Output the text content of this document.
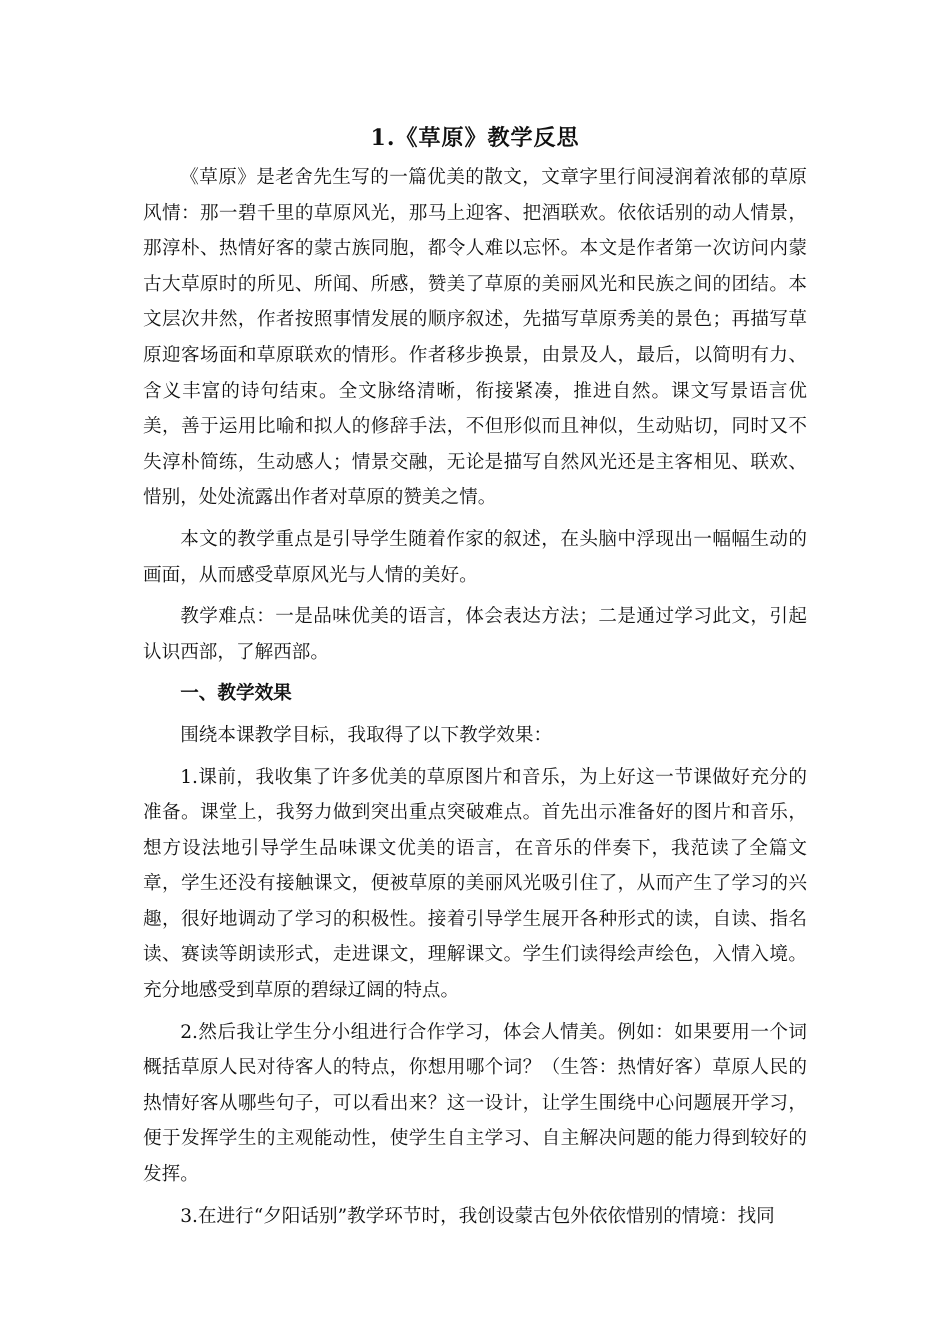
1.《草原》教学反思

《草原》是老舍先生写的一篇优美的散文，文章字里行间浸润着浓郁的草原风情：那一碧千里的草原风光，那马上迎客、把酒联欢。依依话别的动人情景，那淳朴、热情好客的蒙古族同胞，都令人难以忘怀。本文是作者第一次访问内蒙古大草原时的所见、所闻、所感，赞美了草原的美丽风光和民族之间的团结。本文层次井然，作者按照事情发展的顺序叙述，先描写草原秀美的景色；再描写草原迎客场面和草原联欢的情形。作者移步换景，由景及人，最后，以简明有力、含义丰富的诗句结束。全文脉络清晰，衔接紧凑，推进自然。课文写景语言优美，善于运用比喻和拟人的修辞手法，不但形似而且神似，生动贴切，同时又不失淳朴简练，生动感人；情景交融，无论是描写自然风光还是主客相见、联欢、惜别，处处流露出作者对草原的赞美之情。

本文的教学重点是引导学生随着作家的叙述，在头脑中浮现出一幅幅生动的画面，从而感受草原风光与人情的美好。

教学难点：一是品味优美的语言，体会表达方法；二是通过学习此文，引起认识西部，了解西部。

一、教学效果

围绕本课教学目标，我取得了以下教学效果：

1.课前，我收集了许多优美的草原图片和音乐，为上好这一节课做好充分的准备。课堂上，我努力做到突出重点突破难点。首先出示准备好的图片和音乐，想方设法地引导学生品味课文优美的语言，在音乐的伴奏下，我范读了全篇文章，学生还没有接触课文，便被草原的美丽风光吸引住了，从而产生了学习的兴趣，很好地调动了学习的积极性。接着引导学生展开各种形式的读，自读、指名读、赛读等朗读形式，走进课文，理解课文。学生们读得绘声绘色，入情入境。充分地感受到草原的碧绿辽阔的特点。

2.然后我让学生分小组进行合作学习，体会人情美。例如：如果要用一个词概括草原人民对待客人的特点，你想用哪个词？（生答：热情好客）草原人民的热情好客从哪些句子，可以看出来？这一设计，让学生围绕中心问题展开学习，便于发挥学生的主观能动性，使学生自主学习、自主解决问题的能力得到较好的发挥。

3.在进行“夕阳话别”教学环节时，我创设蒙古包外依依惜别的情境：找同
